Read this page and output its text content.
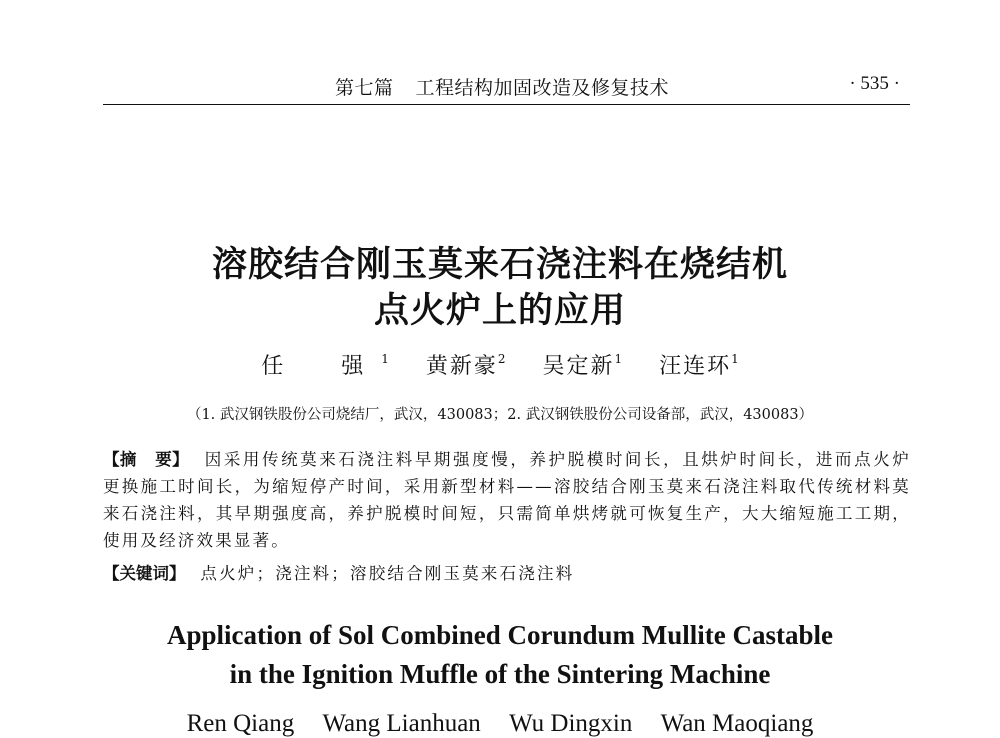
第七篇 工程结构加固改造及修复技术	· 535 ·
溶胶结合刚玉莫来石浇注料在烧结机
点火炉上的应用
任　强$^1$ 黄新豪$^2$ 吴定新$^1$ 汪连环$^1$
（1. 武汉钢铁股份公司烧结厂，武汉，430083；2. 武汉钢铁股份公司设备部，武汉，430083）
【摘 要】 因采用传统莫来石浇注料早期强度慢，养护脱模时间长，且烘炉时间长，进而点火炉更换施工时间长，为缩短停产时间，采用新型材料——溶胶结合刚玉莫来石浇注料取代传统材料莫来石浇注料，其早期强度高，养护脱模时间短，只需简单烘烤就可恢复生产，大大缩短施工工期，使用及经济效果显著。
【关键词】 点火炉；浇注料；溶胶结合刚玉莫来石浇注料
Application of Sol Combined Corundum Mullite Castable
in the Ignition Muffle of the Sintering Machine
Ren Qiang Wang Lianhuan Wu Dingxin Wan Maoqiang
